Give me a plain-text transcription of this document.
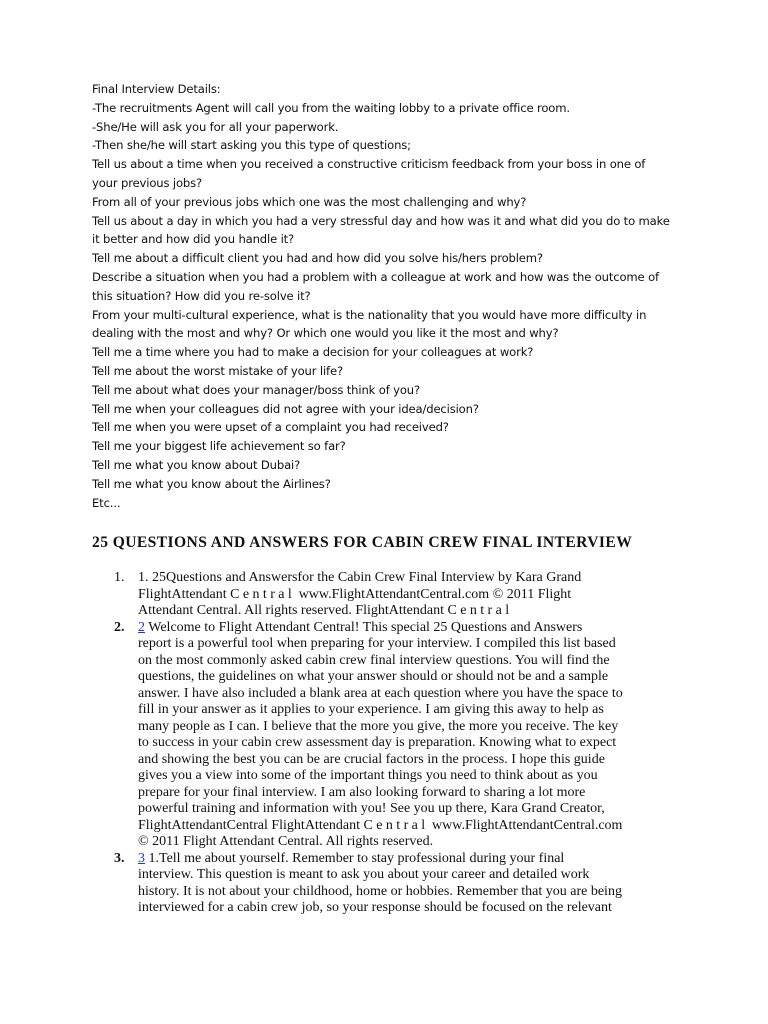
Final Interview Details:

-The recruitments Agent will call you from the waiting lobby to a private office room.

-She/He will ask you for all your paperwork.

-Then she/he will start asking you this type of questions;

Tell us about a time when you received a constructive criticism feedback from your boss in one of

your previous jobs?

From all of your previous jobs which one was the most challenging and why?

Tell us about a day in which you had a very stressful day and how was it and what did you do to make

it better and how did you handle it?

Tell me about a difficult client you had and how did you solve his/hers problem?

Describe a situation when you had a problem with a colleague at work and how was the outcome of

this situation? How did you re-solve it?

From your multi-cultural experience, what is the nationality that you would have more difficulty in

dealing with the most and why? Or which one would you like it the most and why?

Tell me a time where you had to make a decision for your colleagues at work?

Tell me about the worst mistake of your life?

Tell me about what does your manager/boss think of you?

Tell me when your colleagues did not agree with your idea/decision?

Tell me when you were upset of a complaint you had received?

Tell me your biggest life achievement so far?

Tell me what you know about Dubai?

Tell me what you know about the Airlines?

Etc...

25 QUESTIONS AND ANSWERS FOR CABIN CREW FINAL INTERVIEW
1. 1. 25Questions and Answersfor the Cabin Crew Final Interview by Kara Grand
FlightAttendant Central www.FlightAttendantCentral.com © 2011 Flight
Attendant Central. All rights reserved. FlightAttendant Central
2. 2 Welcome to Flight Attendant Central! This special 25 Questions and Answers
report is a powerful tool when preparing for your interview. I compiled this list based
on the most commonly asked cabin crew final interview questions. You will find the
questions, the guidelines on what your answer should or should not be and a sample
answer. I have also included a blank area at each question where you have the space to
fill in your answer as it applies to your experience. I am giving this away to help as
many people as I can. I believe that the more you give, the more you receive. The key
to success in your cabin crew assessment day is preparation. Knowing what to expect
and showing the best you can be are crucial factors in the process. I hope this guide
gives you a view into some of the important things you need to think about as you
prepare for your final interview. I am also looking forward to sharing a lot more
powerful training and information with you! See you up there, Kara Grand Creator,
FlightAttendantCentral FlightAttendant Central www.FlightAttendantCentral.com
© 2011 Flight Attendant Central. All rights reserved.
3. 3 1.Tell me about yourself. Remember to stay professional during your final
interview. This question is meant to ask you about your career and detailed work
history. It is not about your childhood, home or hobbies. Remember that you are being
interviewed for a cabin crew job, so your response should be focused on the relevant
